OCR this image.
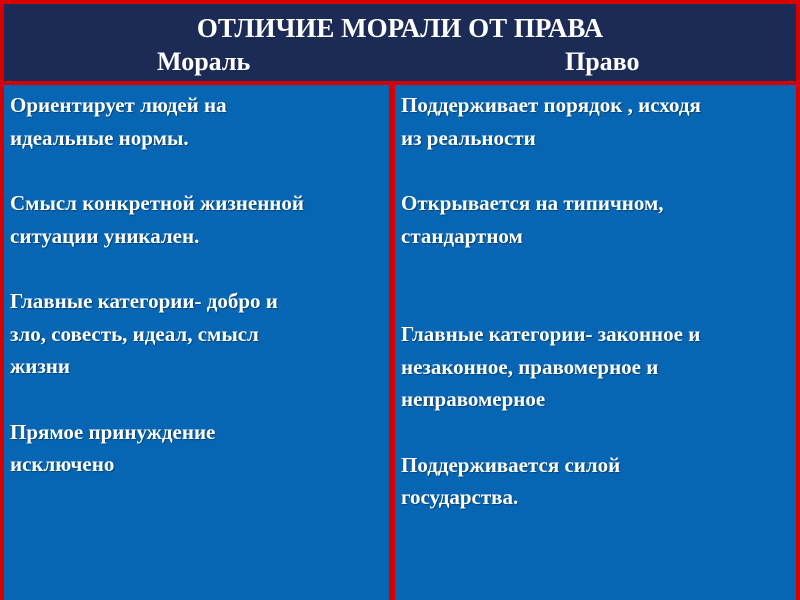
ОТЛИЧИЕ МОРАЛИ ОТ ПРАВА
Мораль	Право

Ориентирует людей на

идеальные нормы.

Смысл конкретной жизненной

ситуации уникален.

Главные категории- добро и

зло, совесть, идеал, смысл

жизни

Прямое принуждение

исключено

Поддерживает порядок , исходя

из реальности

Открывается на типичном,

стандартном

Главные категории- законное и

незаконное, правомерное и

неправомерное

Поддерживается силой

государства.
